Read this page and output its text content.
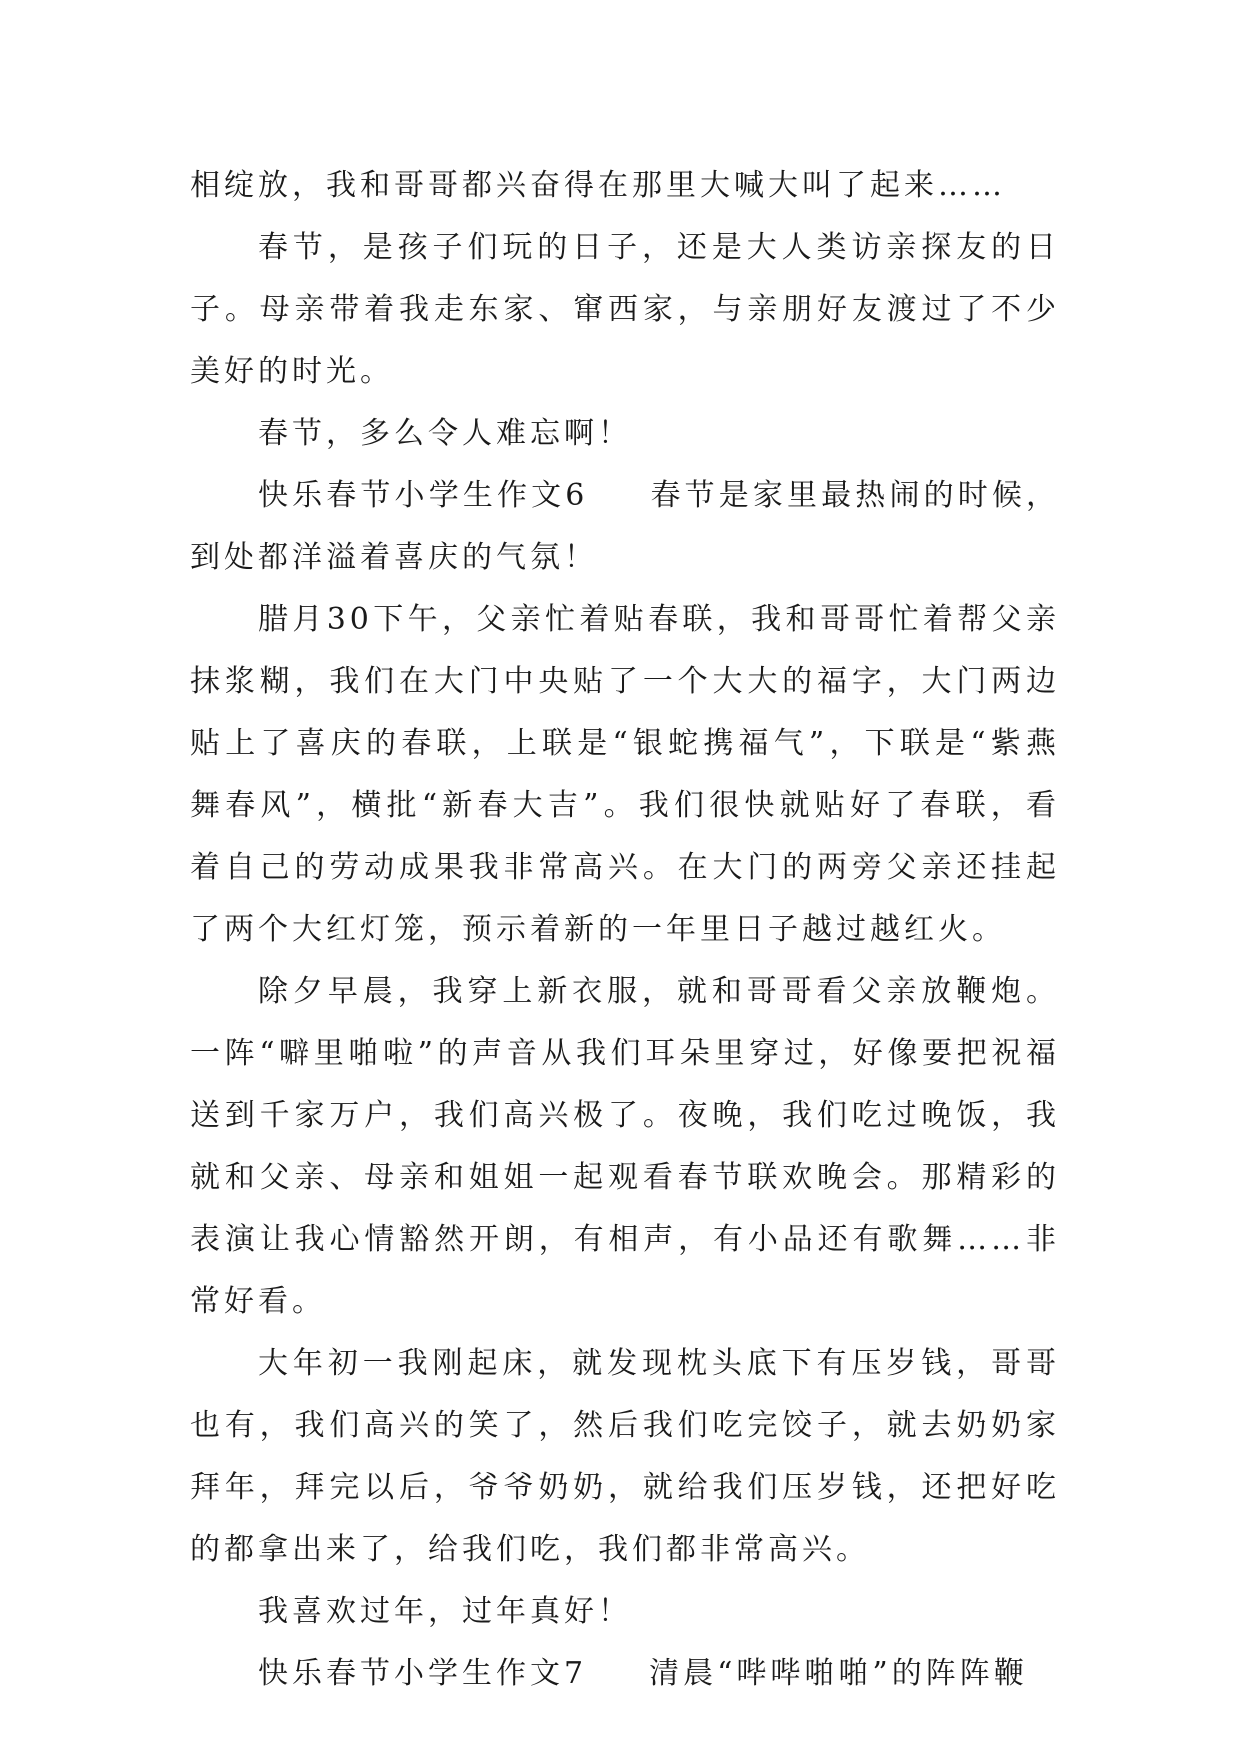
相绽放，我和哥哥都兴奋得在那里大喊大叫了起来……

春节，是孩子们玩的日子，还是大人类访亲探友的日子。母亲带着我走东家、窜西家，与亲朋好友渡过了不少美好的时光。

春节，多么令人难忘啊！

快乐春节小学生作文6 春节是家里最热闹的时候，到处都洋溢着喜庆的气氛！

腊月30下午，父亲忙着贴春联，我和哥哥忙着帮父亲抹浆糊，我们在大门中央贴了一个大大的福字，大门两边贴上了喜庆的春联，上联是“银蛇携福气”，下联是“紫燕舞春风”，横批“新春大吉”。我们很快就贴好了春联，看着自己的劳动成果我非常高兴。在大门的两旁父亲还挂起了两个大红灯笼，预示着新的一年里日子越过越红火。

除夕早晨，我穿上新衣服，就和哥哥看父亲放鞭炮。一阵“噼里啪啦”的声音从我们耳朵里穿过，好像要把祝福送到千家万户，我们高兴极了。夜晚，我们吃过晚饭，我就和父亲、母亲和姐姐一起观看春节联欢晚会。那精彩的表演让我心情豁然开朗，有相声，有小品还有歌舞……非常好看。

大年初一我刚起床，就发现枕头底下有压岁钱，哥哥也有，我们高兴的笑了，然后我们吃完饺子，就去奶奶家拜年，拜完以后，爷爷奶奶，就给我们压岁钱，还把好吃的都拿出来了，给我们吃，我们都非常高兴。

我喜欢过年，过年真好！

快乐春节小学生作文7 清晨“哔哔啪啪”的阵阵鞭
